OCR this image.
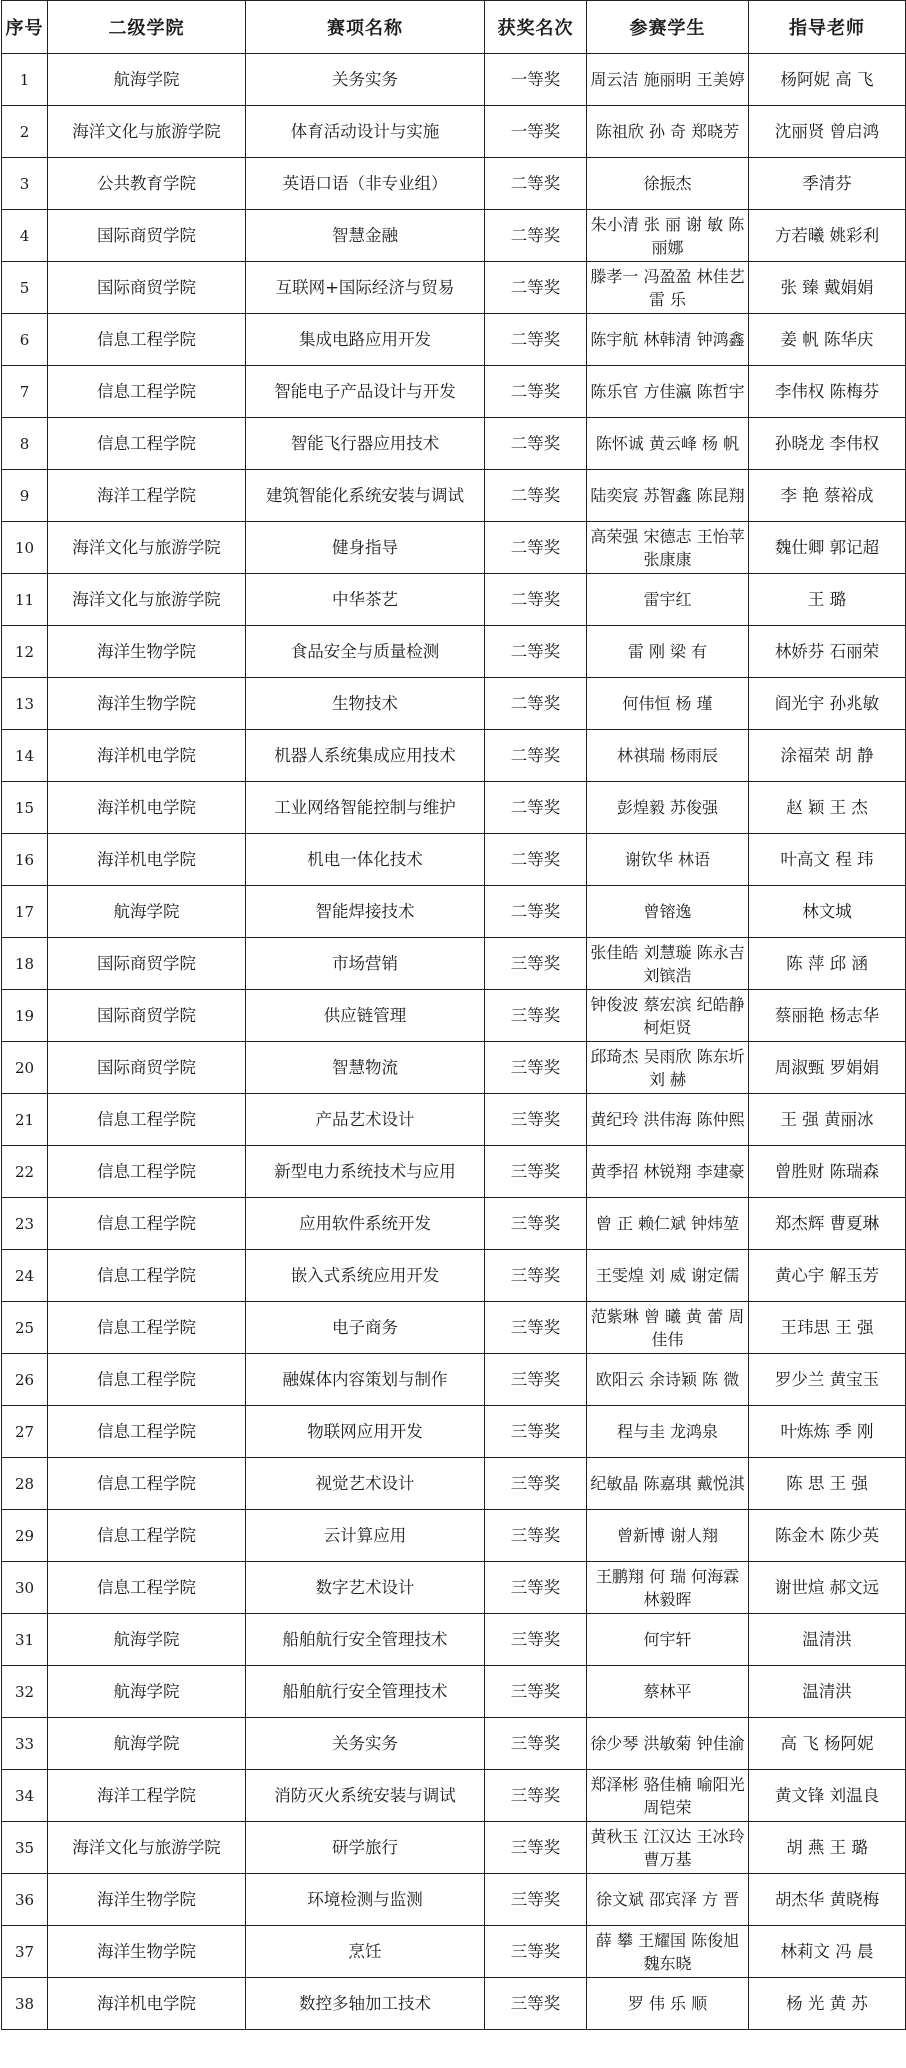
序号	二级学院	赛项名称	获奖名次	参赛学生	指导老师
1	航海学院	关务实务	一等奖	周云洁 施丽明 王美婷	杨阿妮 高 飞
2	海洋文化与旅游学院	体育活动设计与实施	一等奖	陈祖欣 孙 奇 郑晓芳	沈丽贤 曾启鸿
3	公共教育学院	英语口语（非专业组）	二等奖	徐振杰	季清芬
4	国际商贸学院	智慧金融	二等奖	朱小清 张 丽 谢 敏 陈丽娜	方若曦 姚彩利
5	国际商贸学院	互联网+国际经济与贸易	二等奖	滕孝一 冯盈盈 林佳艺 雷 乐	张 臻 戴娟娟
6	信息工程学院	集成电路应用开发	二等奖	陈宇航 林韩清 钟鸿鑫	姜 帆 陈华庆
7	信息工程学院	智能电子产品设计与开发	二等奖	陈乐官 方佳瀛 陈哲宇	李伟权 陈梅芬
8	信息工程学院	智能飞行器应用技术	二等奖	陈怀诚 黄云峰 杨 帆	孙晓龙 李伟权
9	海洋工程学院	建筑智能化系统安装与调试	二等奖	陆奕宸 苏智鑫 陈昆翔	李 艳 蔡裕成
10	海洋文化与旅游学院	健身指导	二等奖	高荣强 宋德志 王怡苹 张康康	魏仕卿 郭记超
11	海洋文化与旅游学院	中华茶艺	二等奖	雷宇红	王 璐
12	海洋生物学院	食品安全与质量检测	二等奖	雷 刚 梁 有	林娇芬 石丽荣
13	海洋生物学院	生物技术	二等奖	何伟恒 杨 瑾	阎光宇 孙兆敏
14	海洋机电学院	机器人系统集成应用技术	二等奖	林祺瑞 杨雨辰	涂福荣 胡 静
15	海洋机电学院	工业网络智能控制与维护	二等奖	彭煌毅 苏俊强	赵 颖 王 杰
16	海洋机电学院	机电一体化技术	二等奖	谢钦华 林语	叶高文 程 玮
17	航海学院	智能焊接技术	二等奖	曾镕逸	林文城
18	国际商贸学院	市场营销	三等奖	张佳皓 刘慧璇 陈永吉 刘镔浩	陈 萍 邱 涵
19	国际商贸学院	供应链管理	三等奖	钟俊波 蔡宏滨 纪皓静 柯炬贤	蔡丽艳 杨志华
20	国际商贸学院	智慧物流	三等奖	邱琦杰 吴雨欣 陈东圻 刘 赫	周淑甄 罗娟娟
21	信息工程学院	产品艺术设计	三等奖	黄纪玲 洪伟海 陈仲熙	王 强 黄丽冰
22	信息工程学院	新型电力系统技术与应用	三等奖	黄季招 林锐翔 李建豪	曾胜财 陈瑞森
23	信息工程学院	应用软件系统开发	三等奖	曾 正 赖仁斌 钟炜堃	郑杰辉 曹夏琳
24	信息工程学院	嵌入式系统应用开发	三等奖	王雯煌 刘 威 谢定儒	黄心宇 解玉芳
25	信息工程学院	电子商务	三等奖	范紫琳 曾 曦 黄 蕾 周佳伟	王玮思 王 强
26	信息工程学院	融媒体内容策划与制作	三等奖	欧阳云 余诗颖 陈 微	罗少兰 黄宝玉
27	信息工程学院	物联网应用开发	三等奖	程与圭 龙鸿泉	叶炼炼 季 刚
28	信息工程学院	视觉艺术设计	三等奖	纪敏晶 陈嘉琪 戴悦淇	陈 思 王 强
29	信息工程学院	云计算应用	三等奖	曾新博 谢人翔	陈金木 陈少英
30	信息工程学院	数字艺术设计	三等奖	王鹏翔 何 瑞 何海霖 林毅晖	谢世煊 郝文远
31	航海学院	船舶航行安全管理技术	三等奖	何宇轩	温清洪
32	航海学院	船舶航行安全管理技术	三等奖	蔡林平	温清洪
33	航海学院	关务实务	三等奖	徐少琴 洪敏菊 钟佳渝	高 飞 杨阿妮
34	海洋工程学院	消防灭火系统安装与调试	三等奖	郑泽彬 骆佳楠 喻阳光 周铠荣	黄文锋 刘温良
35	海洋文化与旅游学院	研学旅行	三等奖	黄秋玉 江汉达 王冰玲 曹万基	胡 燕 王 璐
36	海洋生物学院	环境检测与监测	三等奖	徐文斌 邵宾泽 方 晋	胡杰华 黄晓梅
37	海洋生物学院	烹饪	三等奖	薛 攀 王耀国 陈俊旭 魏东晓	林莉文 冯 晨
38	海洋机电学院	数控多轴加工技术	三等奖	罗 伟 乐 顺	杨 光 黄 苏
